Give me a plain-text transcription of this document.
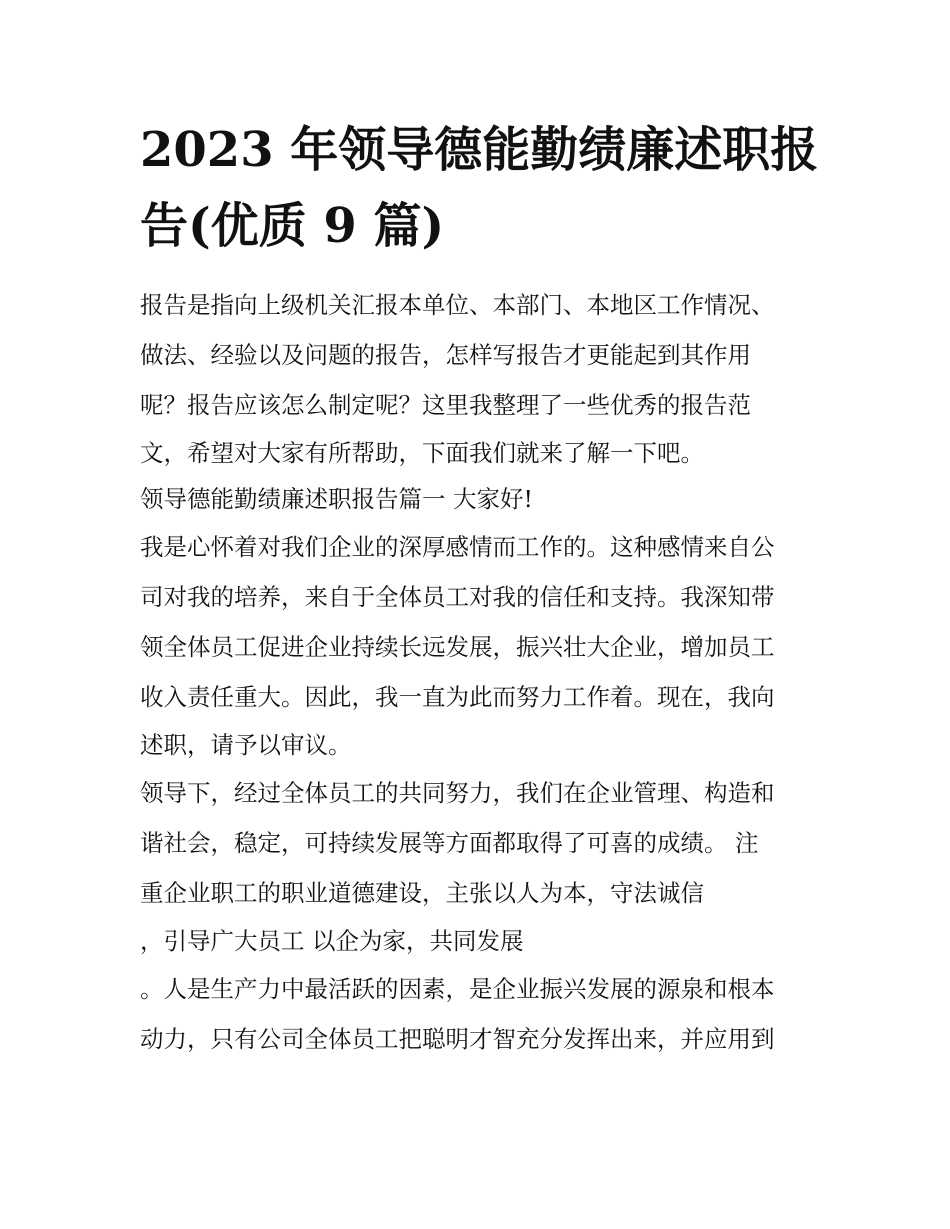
2023 年领导德能勤绩廉述职报
告(优质 9 篇)
报告是指向上级机关汇报本单位、本部门、本地区工作情况、
做法、经验以及问题的报告，怎样写报告才更能起到其作用
呢？报告应该怎么制定呢？这里我整理了一些优秀的报告范
文，希望对大家有所帮助，下面我们就来了解一下吧。
领导德能勤绩廉述职报告篇一 大家好!
我是心怀着对我们企业的深厚感情而工作的。这种感情来自公
司对我的培养，来自于全体员工对我的信任和支持。我深知带
领全体员工促进企业持续长远发展，振兴壮大企业，增加员工
收入责任重大。因此，我一直为此而努力工作着。现在，我向
述职，请予以审议。
领导下，经过全体员工的共同努力，我们在企业管理、构造和
谐社会，稳定，可持续发展等方面都取得了可喜的成绩。 注
重企业职工的职业道德建设，主张以人为本，守法诚信
，引导广大员工 以企为家，共同发展
。人是生产力中最活跃的因素，是企业振兴发展的源泉和根本
动力，只有公司全体员工把聪明才智充分发挥出来，并应用到
